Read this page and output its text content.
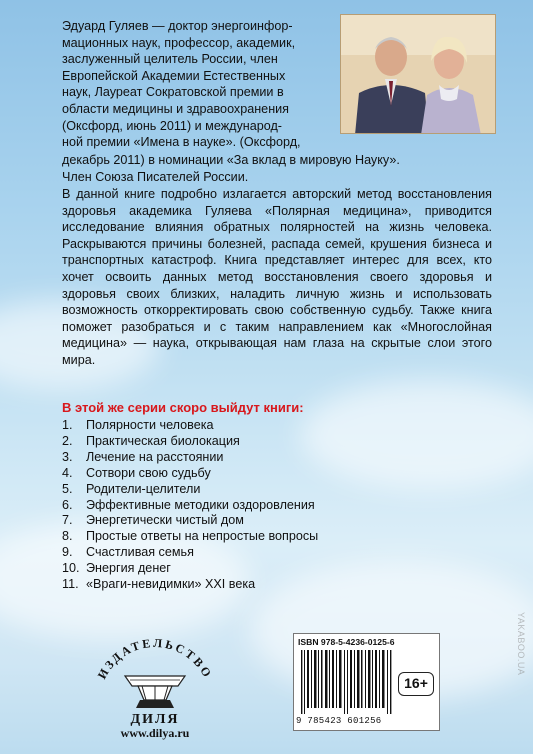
Эдуард Гуляев — доктор энергоинфор-
мационных наук, профессор, академик,
заслуженный целитель России, член
Европейской Академии Естественных
наук, Лауреат Сократовской премии в
области медицины и здравоохранения
(Оксфорд, июнь 2011) и международ-
ной премии «Имена в науке». (Оксфорд,
декабрь 2011) в номинации «За вклад в мировую Науку».
Член Союза Писателей России.
В данной книге подробно излагается авторский метод восстановления здоровья академика Гуляева «Полярная медицина», приводится исследование влияния обратных полярностей на жизнь человека. Раскрываются причины болезней, распада семей, крушения бизнеса и транспортных катастроф. Книга представляет интерес для всех, кто хочет освоить данных метод восстановления своего здоровья и здоровья своих близких, наладить личную жизнь и использовать возможность откорректировать свою собственную судьбу. Также книга поможет разобраться и с таким направлением как «Многослойная медицина» — наука, открывающая нам глаза на скрытые слои этого мира.
В этой же серии скоро выйдут книги:
1.	Полярности человека
2.	Практическая биолокация
3.	Лечение на расстоянии
4.	Сотвори свою судьбу
5.	Родители-целители
6.	Эффективные методики оздоровления
7.	Энергетически чистый дом
8.	Простые ответы на непростые вопросы
9.	Счастливая семья
10. Энергия денег
11. «Враги-невидимки» XXI века
ИЗДАТЕЛЬСТВО
ДИЛЯ
www.dilya.ru
ISBN 978-5-4236-0125-6
9 785423 601256
16+
YAKABOO.UA
